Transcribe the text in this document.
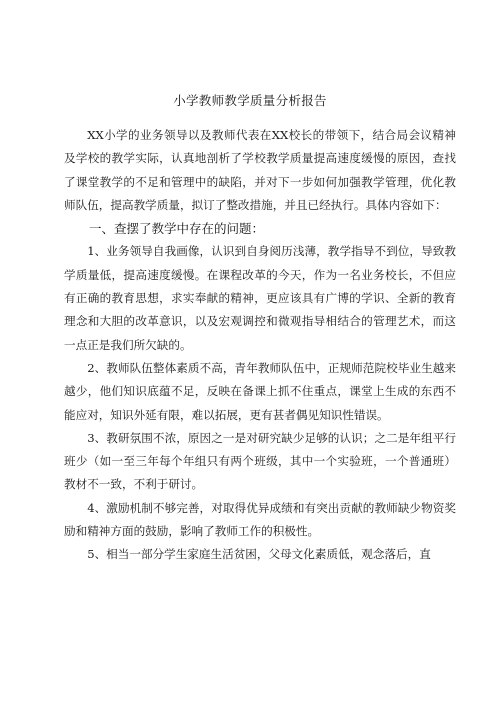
小学教师教学质量分析报告

XX小学的业务领导以及教师代表在XX校长的带领下，结合局会议精神及学校的教学实际，认真地剖析了学校教学质量提高速度缓慢的原因，查找了课堂教学的不足和管理中的缺陷，并对下一步如何加强教学管理，优化教师队伍，提高教学质量，拟订了整改措施，并且已经执行。具体内容如下：

一、查摆了教学中存在的问题：

1、业务领导自我画像，认识到自身阅历浅薄，教学指导不到位，导致教学质量低，提高速度缓慢。在课程改革的今天，作为一名业务校长，不但应有正确的教育思想，求实奉献的精神，更应该具有广博的学识、全新的教育理念和大胆的改革意识，以及宏观调控和微观指导相结合的管理艺术，而这一点正是我们所欠缺的。

2、教师队伍整体素质不高，青年教师队伍中，正规师范院校毕业生越来越少，他们知识底蕴不足，反映在备课上抓不住重点，课堂上生成的东西不能应对，知识外延有限，难以拓展，更有甚者偶见知识性错误。

3、教研氛围不浓，原因之一是对研究缺少足够的认识；之二是年组平行班少（如一至三年每个年组只有两个班级，其中一个实验班，一个普通班）教材不一致，不利于研讨。

4、激励机制不够完善，对取得优异成绩和有突出贡献的教师缺少物资奖励和精神方面的鼓励，影响了教师工作的积极性。

5、相当一部分学生家庭生活贫困，父母文化素质低，观念落后，直
